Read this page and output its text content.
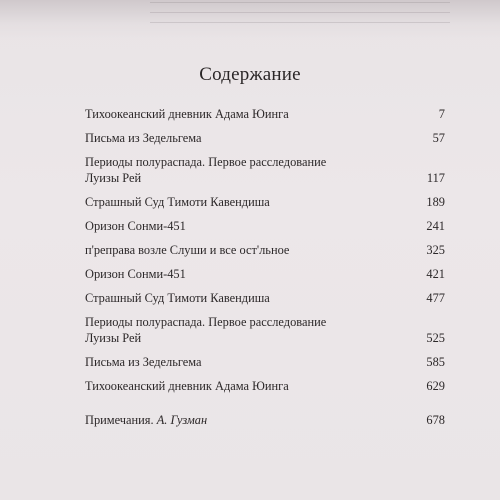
Содержание
Тихоокеанский дневник Адама Юинга	7
Письма из Зедельгема	57
Периоды полураспада. Первое расследование
Луизы Рей	117
Страшный Суд Тимоти Кавендиша	189
Оризон Сонми-451	241
п'реправа возле Слуши и все ост'льное	325
Оризон Сонми-451	421
Страшный Суд Тимоти Кавендиша	477
Периоды полураспада. Первое расследование
Луизы Рей	525
Письма из Зедельгема	585
Тихоокеанский дневник Адама Юинга	629
Примечания. А. Гузман	678
